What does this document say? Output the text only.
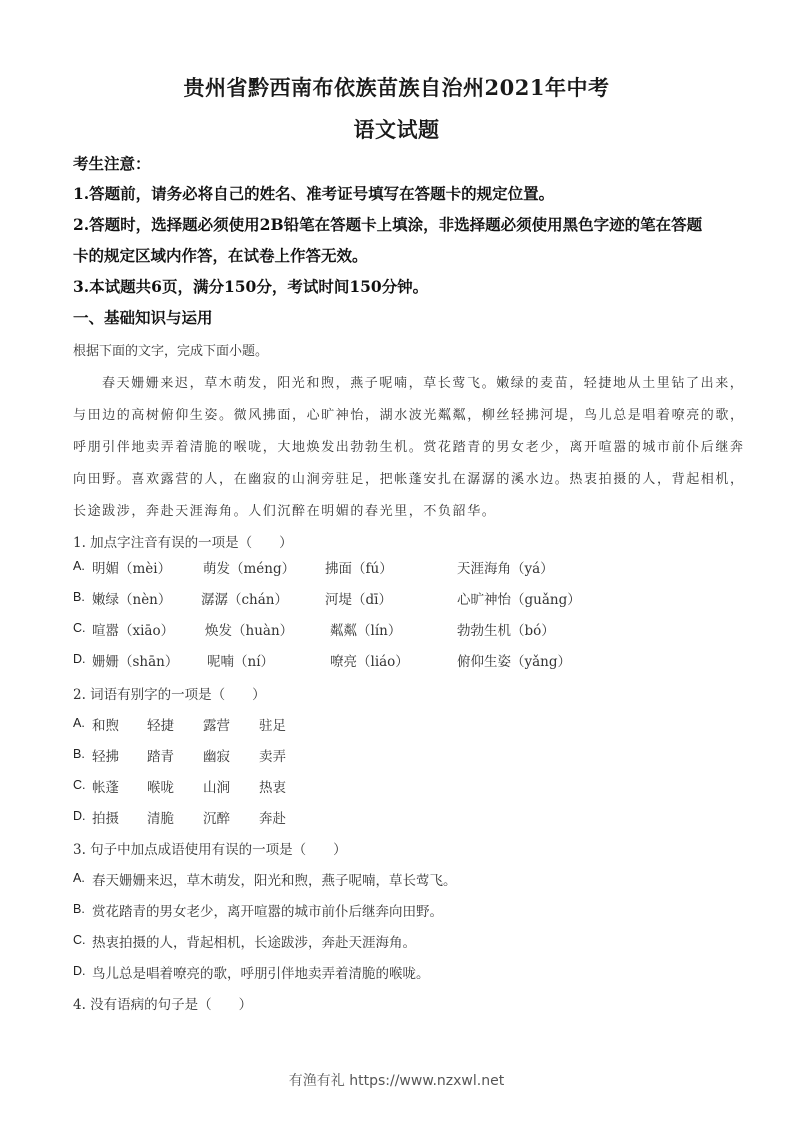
贵州省黔西南布依族苗族自治州2021年中考
语文试题
考生注意：
1.答题前，请务必将自己的姓名、准考证号填写在答题卡的规定位置。
2.答题时，选择题必须使用2B铅笔在答题卡上填涂，非选择题必须使用黑色字迹的笔在答题
卡的规定区域内作答，在试卷上作答无效。
3.本试题共6页，满分150分，考试时间150分钟。
一、基础知识与运用
根据下面的文字，完成下面小题。
春天姗姗来迟，草木萌发，阳光和煦，燕子呢喃，草长莺飞。嫩绿的麦苗，轻捷地从土里钻了出来，
与田边的高树俯仰生姿。微风拂面，心旷神怡，湖水波光粼粼，柳丝轻拂河堤，鸟儿总是唱着嘹亮的歌，
呼朋引伴地卖弄着清脆的喉咙，大地焕发出勃勃生机。赏花踏青的男女老少，离开喧嚣的城市前仆后继奔
向田野。喜欢露营的人，在幽寂的山涧旁驻足，把帐蓬安扎在潺潺的溪水边。热衷拍摄的人，背起相机，
长途跋涉，奔赴天涯海角。人们沉醉在明媚的春光里，不负韶华。
1. 加点字注音有误的一项是（　　）
A. 明媚（mèi） 萌发（méng） 拂面（fú）	天涯海角（yá）
B. 嫩绿（nèn） 潺潺（chán）	河堤（dī）	心旷神怡（guǎng）
C. 喧嚣（xiāo） 焕发（huàn）	粼粼（lín）	勃勃生机（bó）
D. 姗姗（shān） 呢喃（ní）	嘹亮（liáo）	俯仰生姿（yǎng）
2. 词语有别字的一项是（　　）
A. 和煦 轻捷 露营 驻足
B. 轻拂 踏青 幽寂 卖弄
C. 帐蓬 喉咙 山涧 热衷
D. 拍摄 清脆 沉醉 奔赴
3. 句子中加点成语使用有误的一项是（　　）
A. 春天姗姗来迟，草木萌发，阳光和煦，燕子呢喃，草长莺飞。
B. 赏花踏青的男女老少，离开喧嚣的城市前仆后继奔向田野。
C. 热衷拍摄的人，背起相机，长途跋涉，奔赴天涯海角。
D. 鸟儿总是唱着嘹亮的歌，呼朋引伴地卖弄着清脆的喉咙。
4. 没有语病的句子是（　　）
有渔有礼 https://www.nzxwl.net
